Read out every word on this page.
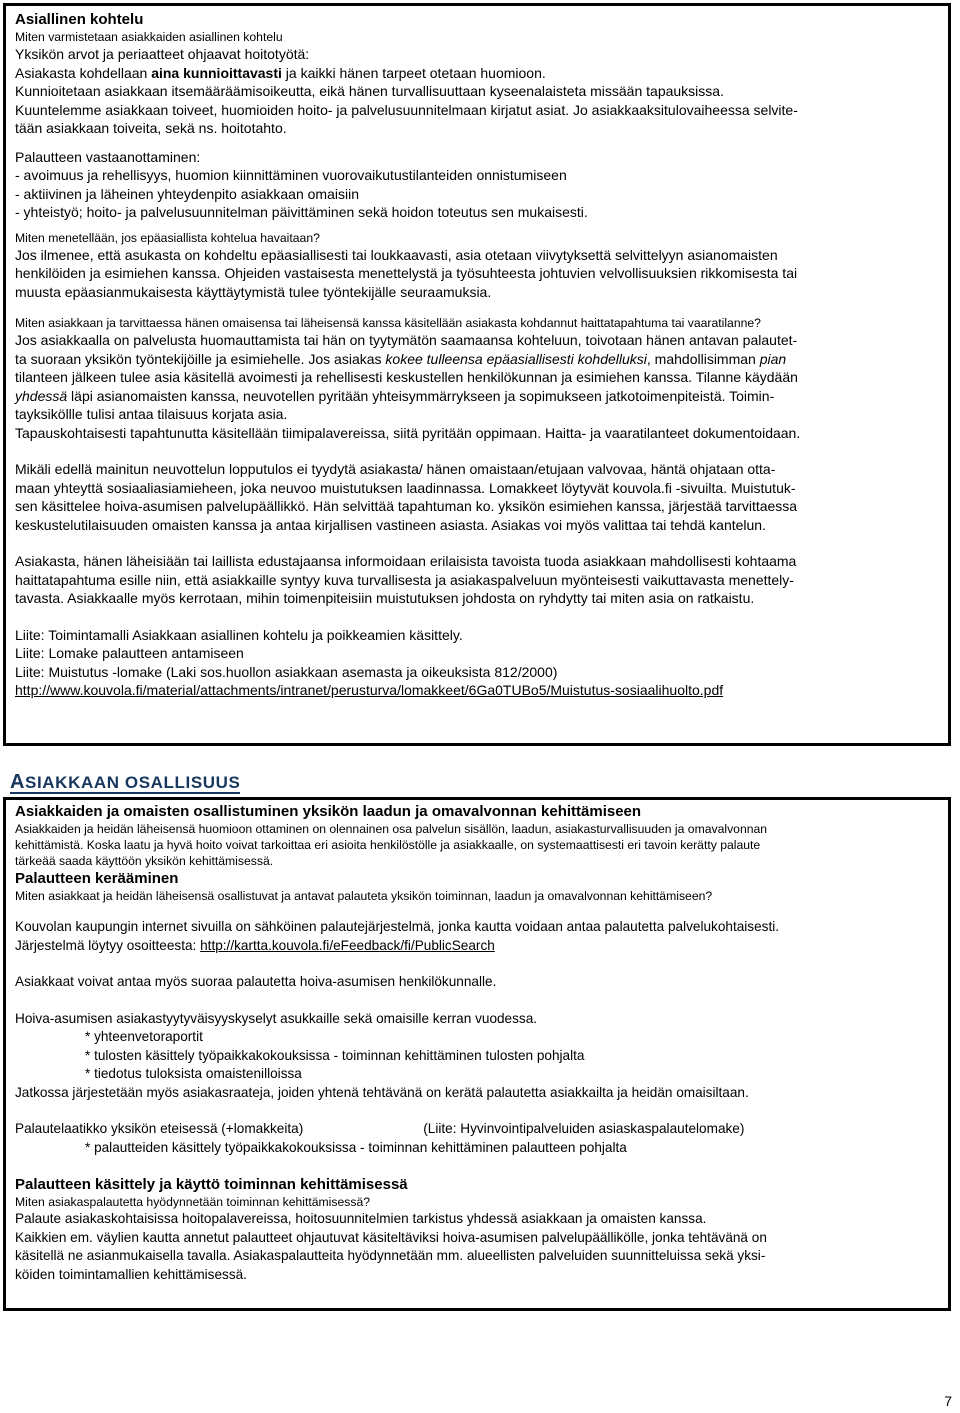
Asiallinen kohtelu
Miten varmistetaan asiakkaiden asiallinen kohtelu
Yksikön arvot ja periaatteet ohjaavat hoitotyötä:
Asiakasta kohdellaan aina kunnioittavasti ja kaikki hänen tarpeet otetaan huomioon.
Kunnioitetaan asiakkaan itsemääräämisoikeutta, eikä hänen turvallisuuttaan kyseenalaisteta missään tapauksissa.
Kuuntelemme asiakkaan toiveet, huomioiden hoito- ja palvelusuunnitelmaan kirjatut asiat. Jo asiakkaaksitulovaiheessa selvite-
tään asiakkaan toiveita, sekä ns. hoitotahto.
Palautteen vastaanottaminen:
- avoimuus ja rehellisyys, huomion kiinnittäminen vuorovaikutustilanteiden onnistumiseen
- aktiivinen ja läheinen yhteydenpito asiakkaan omaisiin
- yhteistyö; hoito- ja palvelusuunnitelman päivittäminen sekä hoidon toteutus sen mukaisesti.
Miten menetellään, jos epäasiallista kohtelua havaitaan?
Jos ilmenee, että asukasta on kohdeltu epäasiallisesti tai loukkaavasti, asia otetaan viivytyksettä selvittelyyn asianomaisten
henkilöiden ja esimiehen kanssa. Ohjeiden vastaisesta menettelystä ja työsuhteesta johtuvien velvollisuuksien rikkomisesta tai
muusta epäasianmukaisesta käyttäytymistä tulee työntekijälle seuraamuksia.
Miten asiakkaan ja tarvittaessa hänen omaisensa tai läheisensä kanssa käsitellään asiakasta kohdannut haittatapahtuma tai vaaratilanne?
Jos asiakkaalla on palvelusta huomauttamista tai hän on tyytymätön saamaansa kohteluun, toivotaan hänen antavan palautet-
ta suoraan yksikön työntekijöille ja esimiehelle. Jos asiakas kokee tulleensa epäasiallisesti kohdelluksi, mahdollisimman pian
tilanteen jälkeen tulee asia käsitellä avoimesti ja rehellisesti keskustellen henkilökunnan ja esimiehen kanssa. Tilanne käydään
yhdessä läpi asianomaisten kanssa, neuvotellen pyritään yhteisymmärrykseen ja sopimukseen jatkotoimenpiteistä. Toimin-
tayksiköllle tulisi antaa tilaisuus korjata asia.
Tapauskohtaisesti tapahtunutta käsitellään tiimipalavereissa, siitä pyritään oppimaan. Haitta- ja vaaratilanteet dokumentoidaan.
Mikäli edellä mainitun neuvottelun lopputulos ei tyydytä asiakasta/ hänen omaistaan/etujaan valvovaa, häntä ohjataan otta-
maan yhteyttä sosiaaliasiamieheen, joka neuvoo muistutuksen laadinnassa. Lomakkeet löytyvät kouvola.fi -sivuilta. Muistutuk-
sen käsittelee hoiva-asumisen palvelupäällikkö. Hän selvittää tapahtuman ko. yksikön esimiehen kanssa, järjestää tarvittaessa
keskustelutilaisuuden omaisten kanssa ja antaa kirjallisen vastineen asiasta. Asiakas voi myös valittaa tai tehdä kantelun.
Asiakasta, hänen läheisiään tai laillista edustajaansa informoidaan erilaisista tavoista tuoda asiakkaan mahdollisesti kohtaama
haittatapahtuma esille niin, että asiakkaille syntyy kuva turvallisesta ja asiakaspalveluun myönteisesti vaikuttavasta menettely-
tavasta. Asiakkaalle myös kerrotaan, mihin toimenpiteisiin muistutuksen johdosta on ryhdytty tai miten asia on ratkaistu.
Liite: Toimintamalli Asiakkaan asiallinen kohtelu ja poikkeamien käsittely.
Liite: Lomake palautteen antamiseen
Liite: Muistutus -lomake (Laki sos.huollon asiakkaan asemasta ja oikeuksista 812/2000)
http://www.kouvola.fi/material/attachments/intranet/perusturva/lomakkeet/6Ga0TUBo5/Muistutus-sosiaalihuolto.pdf
ASIAKKAAN OSALLISUUS
Asiakkaiden ja omaisten osallistuminen yksikön laadun ja omavalvonnan kehittämiseen
Asiakkaiden ja heidän läheisensä huomioon ottaminen on olennainen osa palvelun sisällön, laadun, asiakasturvallisuuden ja omavalvonnan
kehittämistä. Koska laatu ja hyvä hoito voivat tarkoittaa eri asioita henkilöstölle ja asiakkaalle, on systemaattisesti eri tavoin kerätty palaute
tärkeää saada käyttöön yksikön kehittämisessä.
Palautteen kerääminen
Miten asiakkaat ja heidän läheisensä osallistuvat ja antavat palauteta yksikön toiminnan, laadun ja omavalvonnan kehittämiseen?
Kouvolan kaupungin internet sivuilla on sähköinen palautejärjestelmä, jonka kautta voidaan antaa palautetta palvelukohtaisesti.
Järjestelmä löytyy osoitteesta: http://kartta.kouvola.fi/eFeedback/fi/PublicSearch
Asiakkaat voivat antaa myös suoraa palautetta hoiva-asumisen henkilökunnalle.
Hoiva-asumisen asiakastyytyväisyyskyselyt asukkaille sekä omaisille kerran vuodessa.
* yhteenvetoraportit
* tulosten käsittely työpaikkakokouksissa - toiminnan kehittäminen tulosten pohjalta
* tiedotus tuloksista omaistenilloissa
Jatkossa järjestetään myös asiakasraateja, joiden yhtenä tehtävänä on kerätä palautetta asiakkailta ja heidän omaisiltaan.
Palautelaatikko yksikön eteisessä (+lomakkeita)	(Liite: Hyvinvointipalveluiden asiaskaspalautelomake)
* palautteiden käsittely työpaikkakokouksissa - toiminnan kehittäminen palautteen pohjalta
Palautteen käsittely ja käyttö toiminnan kehittämisessä
Miten asiakaspalautetta hyödynnetään toiminnan kehittämisessä?
Palaute asiakaskohtaisissa hoitopalavereissa, hoitosuunnitelmien tarkistus yhdessä asiakkaan ja omaisten kanssa.
Kaikkien em. väylien kautta annetut palautteet ohjautuvat käsiteltäviksi hoiva-asumisen palvelupäällikölle, jonka tehtävänä on
käsitellä ne asianmukaisella tavalla. Asiakaspalautteita hyödynnetään mm. alueellisten palveluiden suunnitteluissa sekä yksi-
köiden toimintamallien kehittämisessä.
7
